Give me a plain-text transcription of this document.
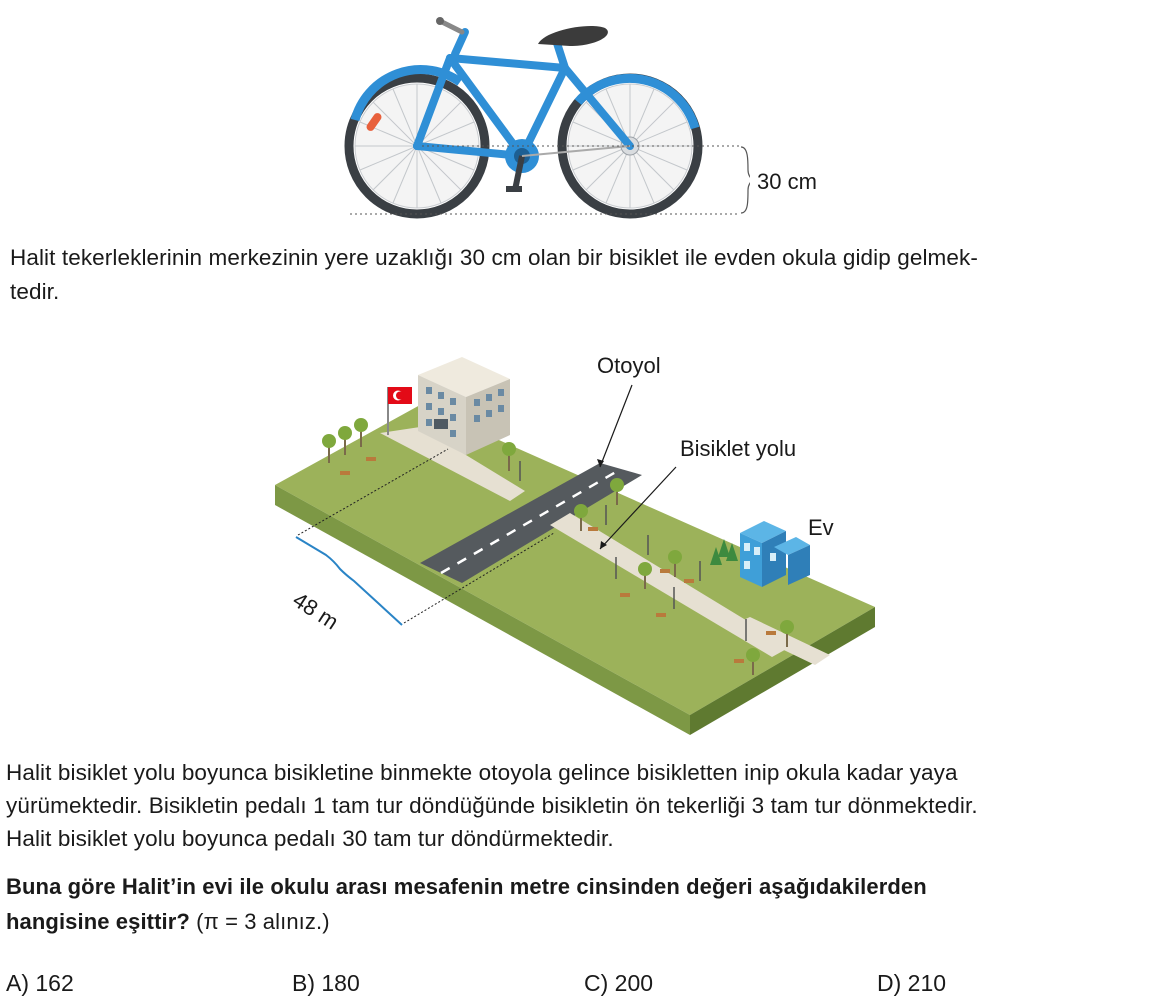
30 cm
Halit tekerleklerinin merkezinin yere uzaklığı 30 cm olan bir bisiklet ile evden okula gidip gelmek-
tedir.
Otoyol
Bisiklet yolu
Ev
48 m
Halit bisiklet yolu boyunca bisikletine binmekte otoyola gelince bisikletten inip okula kadar yaya
yürümektedir. Bisikletin pedalı 1 tam tur döndüğünde bisikletin ön tekerliği 3 tam tur dönmektedir.
Halit bisiklet yolu boyunca pedalı 30 tam tur döndürmektedir.
Buna göre Halit’in evi ile okulu arası mesafenin metre cinsinden değeri aşağıdakilerden
hangisine eşittir? (π = 3 alınız.)
A) 162	B) 180	C) 200	D) 210
